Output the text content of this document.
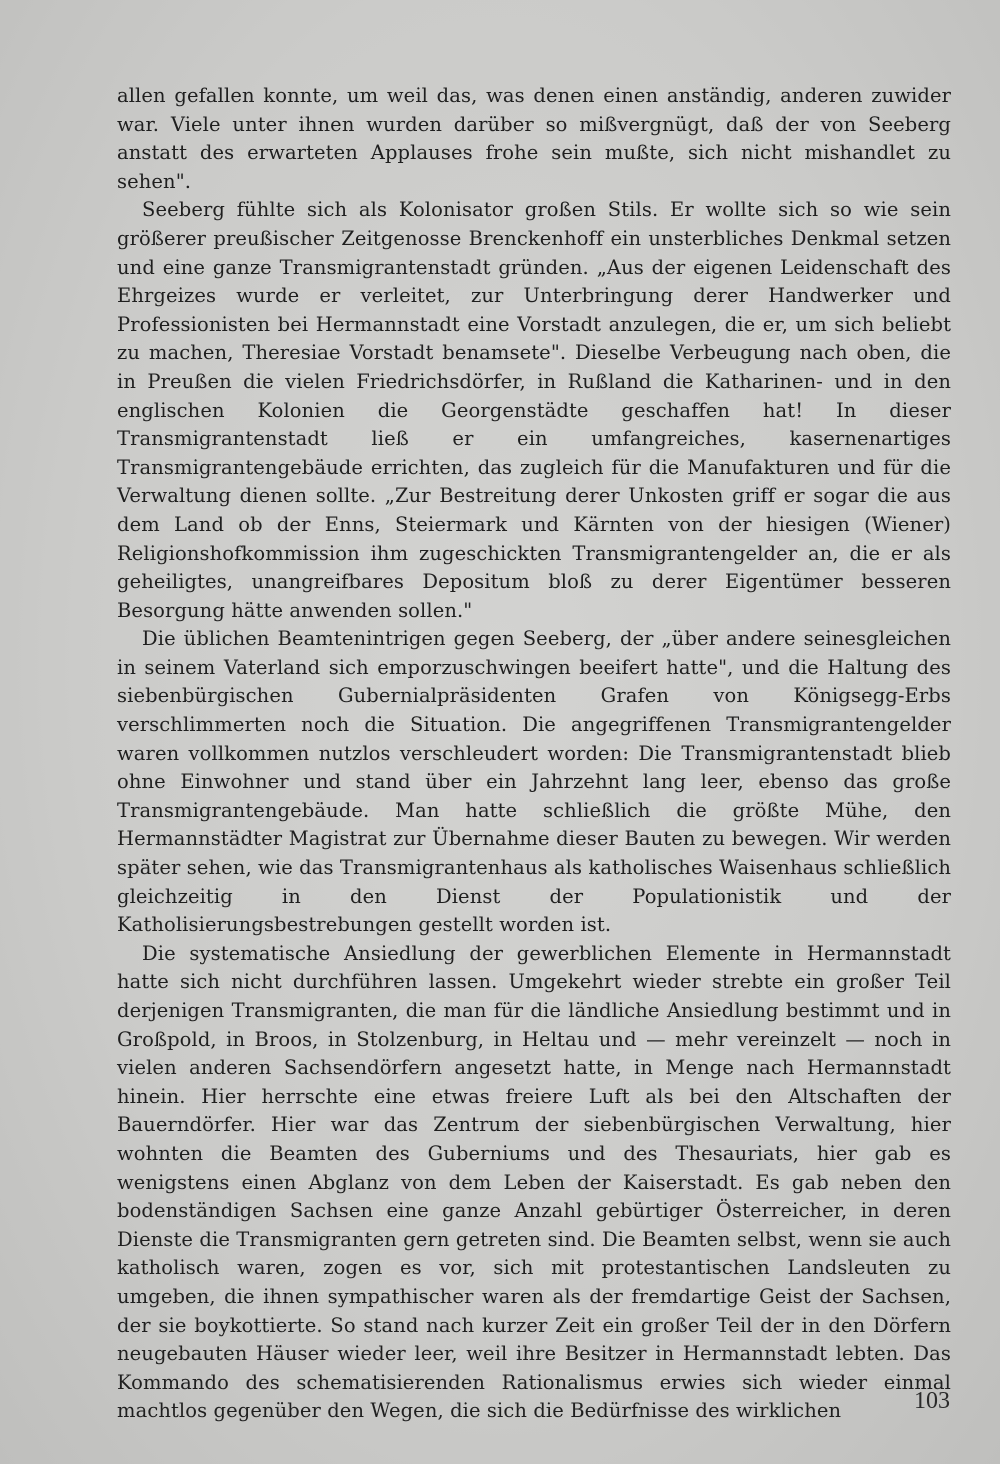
allen gefallen konnte, um weil das, was denen einen anständig, anderen zuwider war. Viele unter ihnen wurden darüber so mißvergnügt, daß der von Seeberg anstatt des erwarteten Applauses frohe sein mußte, sich nicht mishandlet zu sehen".

Seeberg fühlte sich als Kolonisator großen Stils. Er wollte sich so wie sein größerer preußischer Zeitgenosse Brenckenhoff ein unsterbliches Denkmal setzen und eine ganze Transmigrantenstadt gründen. „Aus der eigenen Leidenschaft des Ehrgeizes wurde er verleitet, zur Unterbringung derer Handwerker und Professionisten bei Hermannstadt eine Vorstadt anzulegen, die er, um sich beliebt zu machen, Theresiae Vorstadt benamsete". Dieselbe Verbeugung nach oben, die in Preußen die vielen Friedrichsdörfer, in Rußland die Katharinen- und in den englischen Kolonien die Georgenstädte geschaffen hat! In dieser Transmigrantenstadt ließ er ein umfangreiches, kasernenartiges Transmigrantengebäude errichten, das zugleich für die Manufakturen und für die Verwaltung dienen sollte. „Zur Bestreitung derer Unkosten griff er sogar die aus dem Land ob der Enns, Steiermark und Kärnten von der hiesigen (Wiener) Religionshofkommission ihm zugeschickten Transmigrantengelder an, die er als geheiligtes, unangreifbares Depositum bloß zu derer Eigentümer besseren Besorgung hätte anwenden sollen."

Die üblichen Beamtenintrigen gegen Seeberg, der „über andere seinesgleichen in seinem Vaterland sich emporzuschwingen beeifert hatte", und die Haltung des siebenbürgischen Gubernialpräsidenten Grafen von Königsegg-Erbs verschlimmerten noch die Situation. Die angegriffenen Transmigrantengelder waren vollkommen nutzlos verschleudert worden: Die Transmigrantenstadt blieb ohne Einwohner und stand über ein Jahrzehnt lang leer, ebenso das große Transmigrantengebäude. Man hatte schließlich die größte Mühe, den Hermannstädter Magistrat zur Übernahme dieser Bauten zu bewegen. Wir werden später sehen, wie das Transmigrantenhaus als katholisches Waisenhaus schließlich gleichzeitig in den Dienst der Populationistik und der Katholisierungsbestrebungen gestellt worden ist.

Die systematische Ansiedlung der gewerblichen Elemente in Hermannstadt hatte sich nicht durchführen lassen. Umgekehrt wieder strebte ein großer Teil derjenigen Transmigranten, die man für die ländliche Ansiedlung bestimmt und in Großpold, in Broos, in Stolzenburg, in Heltau und — mehr vereinzelt — noch in vielen anderen Sachsendörfern angesetzt hatte, in Menge nach Hermannstadt hinein. Hier herrschte eine etwas freiere Luft als bei den Altschaften der Bauerndörfer. Hier war das Zentrum der siebenbürgischen Verwaltung, hier wohnten die Beamten des Guberniums und des Thesauriats, hier gab es wenigstens einen Abglanz von dem Leben der Kaiserstadt. Es gab neben den bodenständigen Sachsen eine ganze Anzahl gebürtiger Österreicher, in deren Dienste die Transmigranten gern getreten sind. Die Beamten selbst, wenn sie auch katholisch waren, zogen es vor, sich mit protestantischen Landsleuten zu umgeben, die ihnen sympathischer waren als der fremdartige Geist der Sachsen, der sie boykottierte. So stand nach kurzer Zeit ein großer Teil der in den Dörfern neugebauten Häuser wieder leer, weil ihre Besitzer in Hermannstadt lebten. Das Kommando des schematisierenden Rationalismus erwies sich wieder einmal machtlos gegenüber den Wegen, die sich die Bedürfnisse des wirklichen	103
